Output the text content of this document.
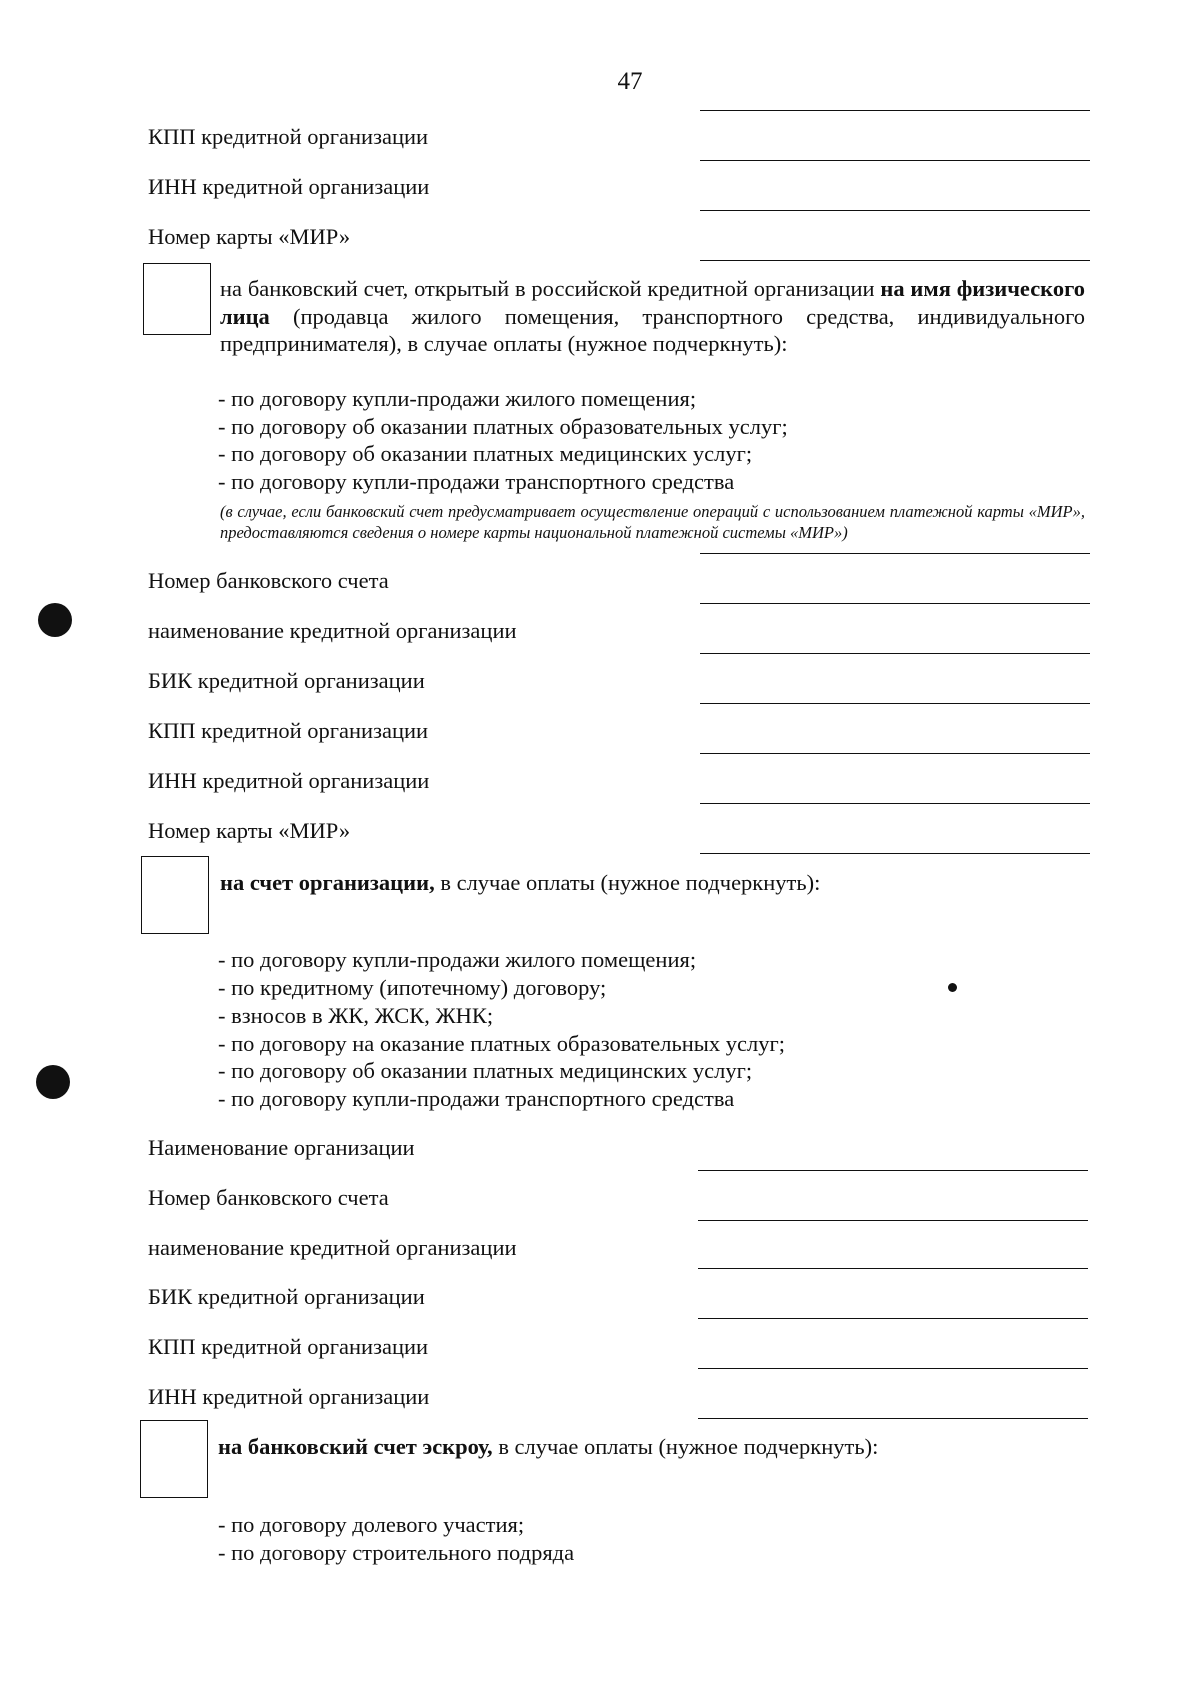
47
КПП кредитной организации
ИНН кредитной организации
Номер карты «МИР»
на банковский счет, открытый в российской кредитной организации на имя физического лица (продавца жилого помещения, транспортного средства, индивидуального предпринимателя), в случае оплаты (нужное подчеркнуть):
- по договору купли-продажи жилого помещения;
- по договору об оказании платных образовательных услуг;
- по договору об оказании платных медицинских услуг;
- по договору купли-продажи транспортного средства
(в случае, если банковский счет предусматривает осуществление операций с использованием платежной карты «МИР», предоставляются сведения о номере карты национальной платежной системы «МИР»)
Номер банковского счета
наименование кредитной организации
БИК кредитной организации
КПП кредитной организации
ИНН кредитной организации
Номер карты «МИР»
на счет организации, в случае оплаты (нужное подчеркнуть):
- по договору купли-продажи жилого помещения;
- по кредитному (ипотечному) договору;
- взносов в ЖК, ЖСК, ЖНК;
- по договору на оказание платных образовательных услуг;
- по договору об оказании платных медицинских услуг;
- по договору купли-продажи транспортного средства
Наименование организации
Номер банковского счета
наименование кредитной организации
БИК кредитной организации
КПП кредитной организации
ИНН кредитной организации
на банковский счет эскроу, в случае оплаты (нужное подчеркнуть):
- по договору долевого участия;
- по договору строительного подряда
